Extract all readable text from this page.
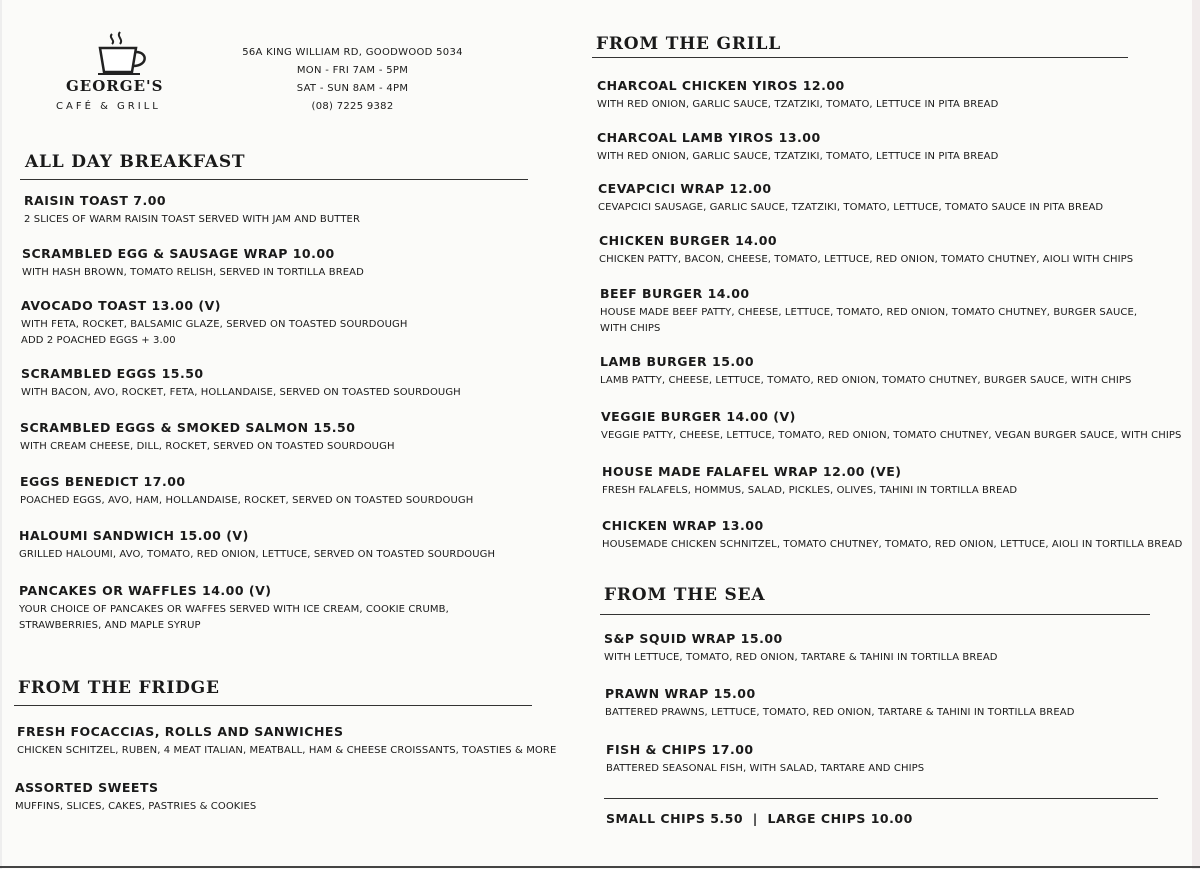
GEORGE'S
CAFÉ & GRILL
56A KING WILLIAM RD, GOODWOOD 5034
MON - FRI 7AM - 5PM
SAT - SUN 8AM - 4PM
(08) 7225 9382
ALL DAY BREAKFAST
RAISIN TOAST 7.00
2 SLICES OF WARM RAISIN TOAST SERVED WITH JAM AND BUTTER
SCRAMBLED EGG & SAUSAGE WRAP 10.00
WITH HASH BROWN, TOMATO RELISH, SERVED IN TORTILLA BREAD
AVOCADO TOAST 13.00 (V)
WITH FETA, ROCKET, BALSAMIC GLAZE, SERVED ON TOASTED SOURDOUGH
ADD 2 POACHED EGGS + 3.00
SCRAMBLED EGGS 15.50
WITH BACON, AVO, ROCKET, FETA, HOLLANDAISE, SERVED ON TOASTED SOURDOUGH
SCRAMBLED EGGS & SMOKED SALMON 15.50
WITH CREAM CHEESE, DILL, ROCKET, SERVED ON TOASTED SOURDOUGH
EGGS BENEDICT 17.00
POACHED EGGS, AVO, HAM, HOLLANDAISE, ROCKET, SERVED ON TOASTED SOURDOUGH
HALOUMI SANDWICH 15.00 (V)
GRILLED HALOUMI, AVO, TOMATO, RED ONION, LETTUCE, SERVED ON TOASTED SOURDOUGH
PANCAKES OR WAFFLES 14.00 (V)
YOUR CHOICE OF PANCAKES OR WAFFES SERVED WITH ICE CREAM, COOKIE CRUMB,
STRAWBERRIES, AND MAPLE SYRUP
FROM THE FRIDGE
FRESH FOCACCIAS, ROLLS AND SANWICHES
CHICKEN SCHITZEL, RUBEN, 4 MEAT ITALIAN, MEATBALL, HAM & CHEESE CROISSANTS, TOASTIES & MORE
ASSORTED SWEETS
MUFFINS, SLICES, CAKES, PASTRIES & COOKIES
FROM THE GRILL
CHARCOAL CHICKEN YIROS 12.00
WITH RED ONION, GARLIC SAUCE, TZATZIKI, TOMATO, LETTUCE IN PITA BREAD
CHARCOAL LAMB YIROS 13.00
WITH RED ONION, GARLIC SAUCE, TZATZIKI, TOMATO, LETTUCE IN PITA BREAD
CEVAPCICI WRAP 12.00
CEVAPCICI SAUSAGE, GARLIC SAUCE, TZATZIKI, TOMATO, LETTUCE, TOMATO SAUCE IN PITA BREAD
CHICKEN BURGER 14.00
CHICKEN PATTY, BACON, CHEESE, TOMATO, LETTUCE, RED ONION, TOMATO CHUTNEY, AIOLI WITH CHIPS
BEEF BURGER 14.00
HOUSE MADE BEEF PATTY, CHEESE, LETTUCE, TOMATO, RED ONION, TOMATO CHUTNEY, BURGER SAUCE,
WITH CHIPS
LAMB BURGER 15.00
LAMB PATTY, CHEESE, LETTUCE, TOMATO, RED ONION, TOMATO CHUTNEY, BURGER SAUCE, WITH CHIPS
VEGGIE BURGER 14.00 (V)
VEGGIE PATTY, CHEESE, LETTUCE, TOMATO, RED ONION, TOMATO CHUTNEY, VEGAN BURGER SAUCE, WITH CHIPS
HOUSE MADE FALAFEL WRAP 12.00 (VE)
FRESH FALAFELS, HOMMUS, SALAD, PICKLES, OLIVES, TAHINI IN TORTILLA BREAD
CHICKEN WRAP 13.00
HOUSEMADE CHICKEN SCHNITZEL, TOMATO CHUTNEY, TOMATO, RED ONION, LETTUCE, AIOLI IN TORTILLA BREAD
FROM THE SEA
S&P SQUID WRAP 15.00
WITH LETTUCE, TOMATO, RED ONION, TARTARE & TAHINI IN TORTILLA BREAD
PRAWN WRAP 15.00
BATTERED PRAWNS, LETTUCE, TOMATO, RED ONION, TARTARE & TAHINI IN TORTILLA BREAD
FISH & CHIPS 17.00
BATTERED SEASONAL FISH, WITH SALAD, TARTARE AND CHIPS
SMALL CHIPS 5.50  |  LARGE CHIPS 10.00
